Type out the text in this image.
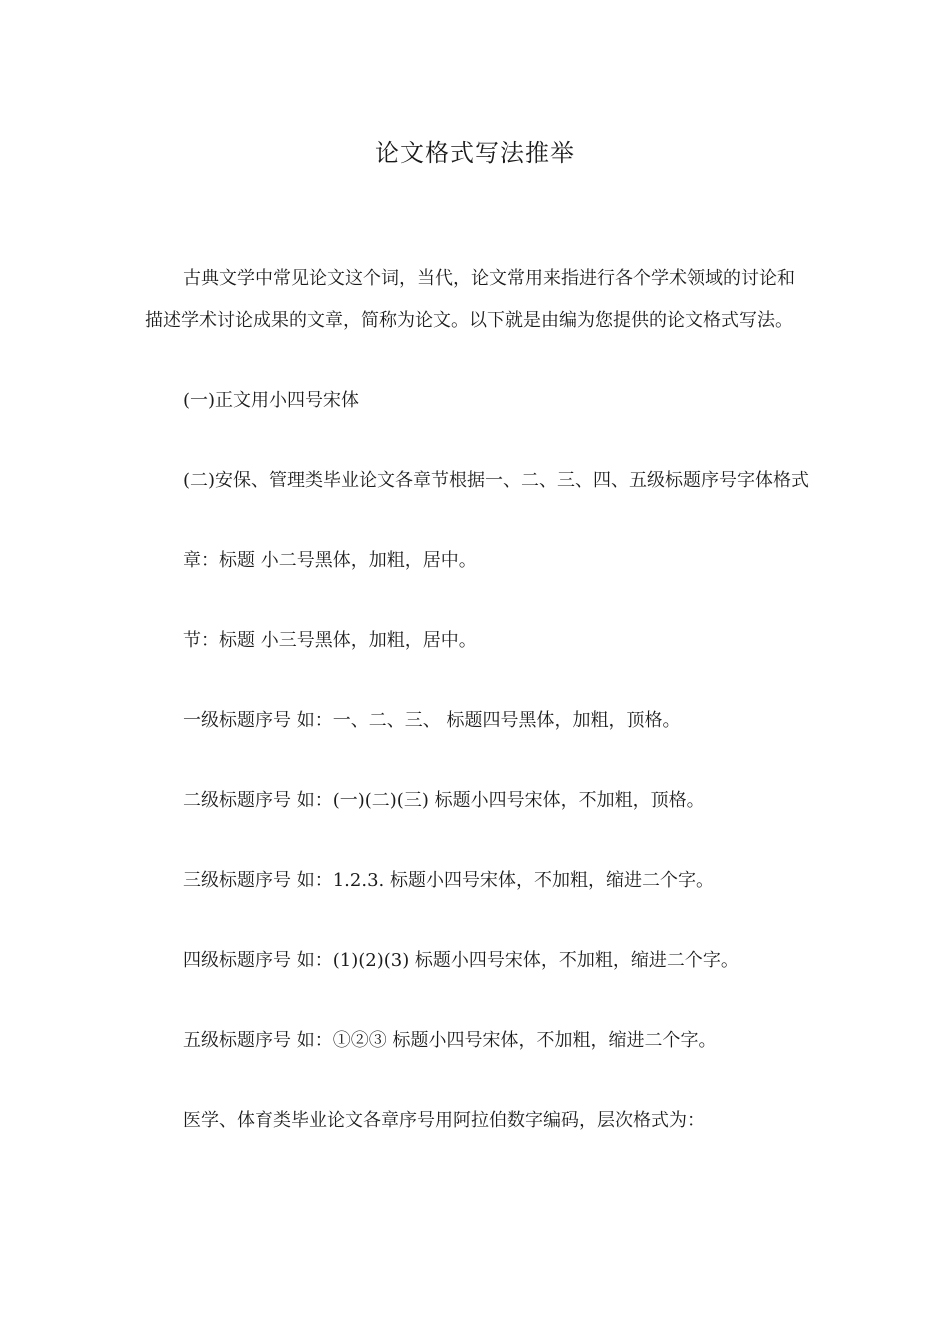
论文格式写法推举

古典文学中常见论文这个词，当代，论文常用来指进行各个学术领域的讨论和描述学术讨论成果的文章，简称为论文。以下就是由编为您提供的论文格式写法。

(一)正文用小四号宋体

(二)安保、管理类毕业论文各章节根据一、二、三、四、五级标题序号字体格式

章：标题 小二号黑体，加粗，居中。

节：标题 小三号黑体，加粗，居中。

一级标题序号 如：一、二、三、 标题四号黑体，加粗，顶格。

二级标题序号 如：(一)(二)(三) 标题小四号宋体，不加粗，顶格。

三级标题序号 如：1.2.3. 标题小四号宋体，不加粗，缩进二个字。

四级标题序号 如：(1)(2)(3) 标题小四号宋体，不加粗，缩进二个字。

五级标题序号 如：①②③ 标题小四号宋体，不加粗，缩进二个字。

医学、体育类毕业论文各章序号用阿拉伯数字编码，层次格式为：
